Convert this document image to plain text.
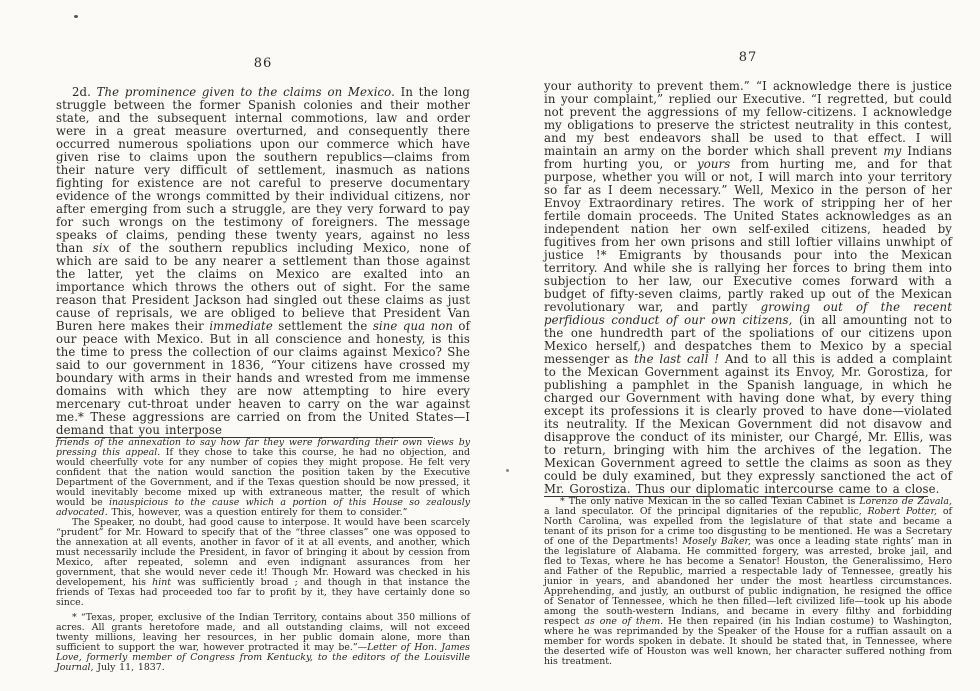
86

2d. The prominence given to the claims on Mexico. In the long struggle between the former Spanish colonies and their mother state, and the subsequent internal commotions, law and order were in a great measure overturned, and consequently there occurred numerous spoliations upon our commerce which have given rise to claims upon the southern republics—claims from their nature very difficult of settlement, inasmuch as nations fighting for existence are not careful to preserve documentary evidence of the wrongs committed by their individual citizens, nor after emerging from such a struggle, are they very forward to pay for such wrongs on the testimony of foreigners. The message speaks of claims, pending these twenty years, against no less than six of the southern republics including Mexico, none of which are said to be any nearer a settlement than those against the latter, yet the claims on Mexico are exalted into an importance which throws the others out of sight. For the same reason that President Jackson had singled out these claims as just cause of reprisals, we are obliged to believe that President Van Buren here makes their immediate settlement the sine qua non of our peace with Mexico. But in all conscience and honesty, is this the time to press the collection of our claims against Mexico? She said to our government in 1836, “Your citizens have crossed my boundary with arms in their hands and wrested from me immense domains with which they are now attempting to hire every mercenary cut-throat under heaven to carry on the war against me.* These aggressions are carried on from the United States—I demand that you interpose

friends of the annexation to say how far they were forwarding their own views by pressing this appeal. If they chose to take this course, he had no objection, and would cheerfully vote for any number of copies they might propose. He felt very confident that the nation would sanction the position taken by the Executive Department of the Government, and if the Texas question should be now pressed, it would inevitably become mixed up with extraneous matter, the result of which would be inauspicious to the cause which a portion of this House so zealously advocated. This, however, was a question entirely for them to consider.”

The Speaker, no doubt, had good cause to interpose. It would have been scarcely “prudent” for Mr. Howard to specify that of the “three classes” one was opposed to the annexation at all events, another in favor of it at all events, and another, which must necessarily include the President, in favor of bringing it about by cession from Mexico, after repeated, solemn and even indignant assurances from her government, that she would never cede it! Though Mr. Howard was checked in his developement, his hint was sufficiently broad ; and though in that instance the friends of Texas had proceeded too far to profit by it, they have certainly done so since.

* “Texas, proper, exclusive of the Indian Territory, contains about 350 millions of acres. All grants heretofore made, and all outstanding claims, will not exceed twenty millions, leaving her resources, in her public domain alone, more than sufficient to support the war, however protracted it may be.”—Letter of Hon. James Love, formerly member of Congress from Kentucky, to the editors of the Louisville Journal, July 11, 1837.

87

your authority to prevent them.” “I acknowledge there is justice in your complaint,” replied our Executive. “I regretted, but could not prevent the aggressions of my fellow-citizens. I acknowledge my obligations to preserve the strictest neutrality in this contest, and my best endeavors shall be used to that effect. I will maintain an army on the border which shall prevent my Indians from hurting you, or yours from hurting me, and for that purpose, whether you will or not, I will march into your territory so far as I deem necessary.” Well, Mexico in the person of her Envoy Extraordinary retires. The work of stripping her of her fertile domain proceeds. The United States acknowledges as an independent nation her own self-exiled citizens, headed by fugitives from her own prisons and still loftier villains unwhipt of justice !* Emigrants by thousands pour into the Mexican territory. And while she is rallying her forces to bring them into subjection to her law, our Executive comes forward with a budget of fifty-seven claims, partly raked up out of the Mexican revolutionary war, and partly growing out of the recent perfidious conduct of our own citizens, (in all amounting not to the one hundredth part of the spoliations of our citizens upon Mexico herself,) and despatches them to Mexico by a special messenger as the last call ! And to all this is added a complaint to the Mexican Government against its Envoy, Mr. Gorostiza, for publishing a pamphlet in the Spanish language, in which he charged our Government with having done what, by every thing except its professions it is clearly proved to have done—violated its neutrality. If the Mexican Government did not disavow and disapprove the conduct of its minister, our Chargé, Mr. Ellis, was to return, bringing with him the archives of the legation. The Mexican Government agreed to settle the claims as soon as they could be duly examined, but they expressly sanctioned the act of Mr. Gorostiza. Thus our diplomatic intercourse came to a close.

* The only native Mexican in the so called Texian Cabinet is Lorenzo de Zavala, a land speculator. Of the principal dignitaries of the republic, Robert Potter, of North Carolina, was expelled from the legislature of that state and became a tenant of its prison for a crime too disgusting to be mentioned. He was a Secretary of one of the Departments! Mosely Baker, was once a leading state rights’ man in the legislature of Alabama. He committed forgery, was arrested, broke jail, and fled to Texas, where he has become a Senator! Houston, the Generalissimo, Hero and Father of the Republic, married a respectable lady of Tennessee, greatly his junior in years, and abandoned her under the most heartless circumstances. Apprehending, and justly, an outburst of public indignation, he resigned the office of Senator of Tennessee, which he then filled—left civilized life—took up his abode among the south-western Indians, and became in every filthy and forbidding respect as one of them. He then repaired (in his Indian costume) to Washington, where he was reprimanded by the Speaker of the House for a ruffian assault on a member for words spoken in debate. It should be stated that, in Tennessee, where the deserted wife of Houston was well known, her character suffered nothing from his treatment.
